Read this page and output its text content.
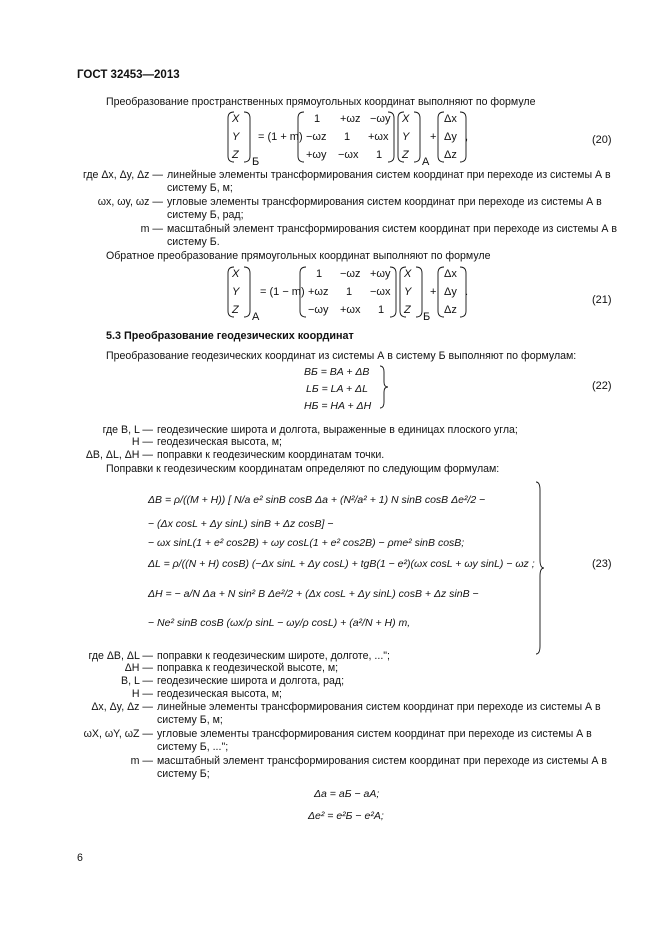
ГОСТ 32453—2013
Преобразование пространственных прямоугольных координат выполняют по формуле
X
Y
Z
Б
= (1 + m)
1 +ωz −ωy
−ωz 1 +ωx
+ωy −ωx 1
X
Y
Z
A
+
Δx
Δy
Δz
,	(20)
где Δx, Δy, Δz — линейные элементы трансформирования систем координат при переходе из системы А в систему Б, м;
ωx, ωy, ωz — угловые элементы трансформирования систем координат при переходе из системы А в систему Б, рад;
m — масштабный элемент трансформирования систем координат при переходе из системы А в систему Б.
Обратное преобразование прямоугольных координат выполняют по формуле
X
Y
Z
A
= (1 − m)
1 −ωz +ωy
+ωz 1 −ωx
−ωy +ωx 1
X
Y
Z
Б
+
Δx
Δy
Δz
.
(21)
5.3 Преобразование геодезических координат
Преобразование геодезических координат из системы А в систему Б выполняют по формулам:
BБ = BA + ΔB
LБ = LA + ΔL
HБ = HA + ΔH
(22)
где B, L — геодезические широта и долгота, выраженные в единицах плоского угла;
H — геодезическая высота, м;
ΔB, ΔL, ΔH — поправки к геодезическим координатам точки.
Поправки к геодезическим координатам определяют по следующим формулам:
ΔB = ρ/((M + H)) [ N/a e² sinB cosB Δa + (N²/a² + 1) N sinB cosB Δe²/2 −
− (Δx cosL + Δy sinL) sinB + Δz cosB] −
− ωx sinL(1 + e² cos2B) + ωy cosL(1 + e² cos2B) − ρme² sinB cosB;
ΔL = ρ/((N + H) cosB) (−Δx sinL + Δy cosL) + tgB(1 − e²)(ωx cosL + ωy sinL) − ωz ;
ΔH = − a/N Δa + N sin² B Δe²/2 + (Δx cosL + Δy sinL) cosB + Δz sinB −
− Ne² sinB cosB (ωx/ρ sinL − ωy/ρ cosL) + (a²/N + H) m,
(23)
где ΔB, ΔL — поправки к геодезическим широте, долготе, ...";
ΔH — поправка к геодезической высоте, м;
B, L — геодезические широта и долгота, рад;
H — геодезическая высота, м;
Δx, Δy, Δz — линейные элементы трансформирования систем координат при переходе из системы А в систему Б, м;
ωX, ωY, ωZ — угловые элементы трансформирования систем координат при переходе из системы А в систему Б, ...";
m — масштабный элемент трансформирования систем координат при переходе из системы А в систему Б;
Δa = aБ − aA;
Δe² = e²Б − e²A;
6
